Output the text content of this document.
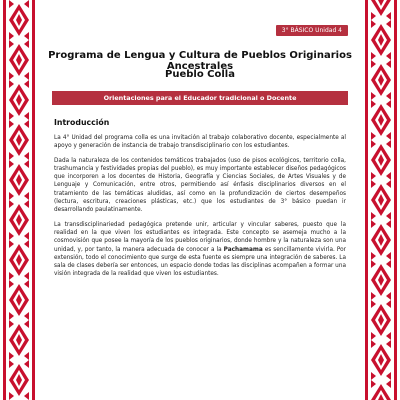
3° BÁSICO Unidad 4
Programa de Lengua y Cultura de Pueblos Originarios Ancestrales
Pueblo Colla
Orientaciones para el Educador tradicional o Docente
Introducción

La 4° Unidad del programa colla es una invitación al trabajo colaborativo docente, especialmente al apoyo y generación de instancia de trabajo transdisciplinario con los estudiantes.

Dada la naturaleza de los contenidos temáticos trabajados (uso de pisos ecológicos, territorio colla, trashumancia y festividades propias del pueblo), es muy importante establecer diseños pedagógicos que incorporen a los docentes de Historia, Geografía y Ciencias Sociales, de Artes Visuales y de Lenguaje y Comunicación, entre otros, permitiendo así énfasis disciplinarios diversos en el tratamiento de las temáticas aludidas, así como en la profundización de ciertos desempeños (lectura, escritura, creaciones plásticas, etc.) que los estudiantes de 3° básico puedan ir desarrollando paulatinamente.

La transdisciplinariedad pedagógica pretende unir, articular y vincular saberes, puesto que la realidad en la que viven los estudiantes es integrada. Este concepto se asemeja mucho a la cosmovisión que posee la mayoría de los pueblos originarios, donde hombre y la naturaleza son una unidad, y, por tanto, la manera adecuada de conocer a la Pachamama es sencillamente vivirla. Por extensión, todo el conocimiento que surge de esta fuente es siempre una integración de saberes. La sala de clases debería ser entonces, un espacio donde todas las disciplinas acompañen a formar una visión integrada de la realidad que viven los estudiantes.
